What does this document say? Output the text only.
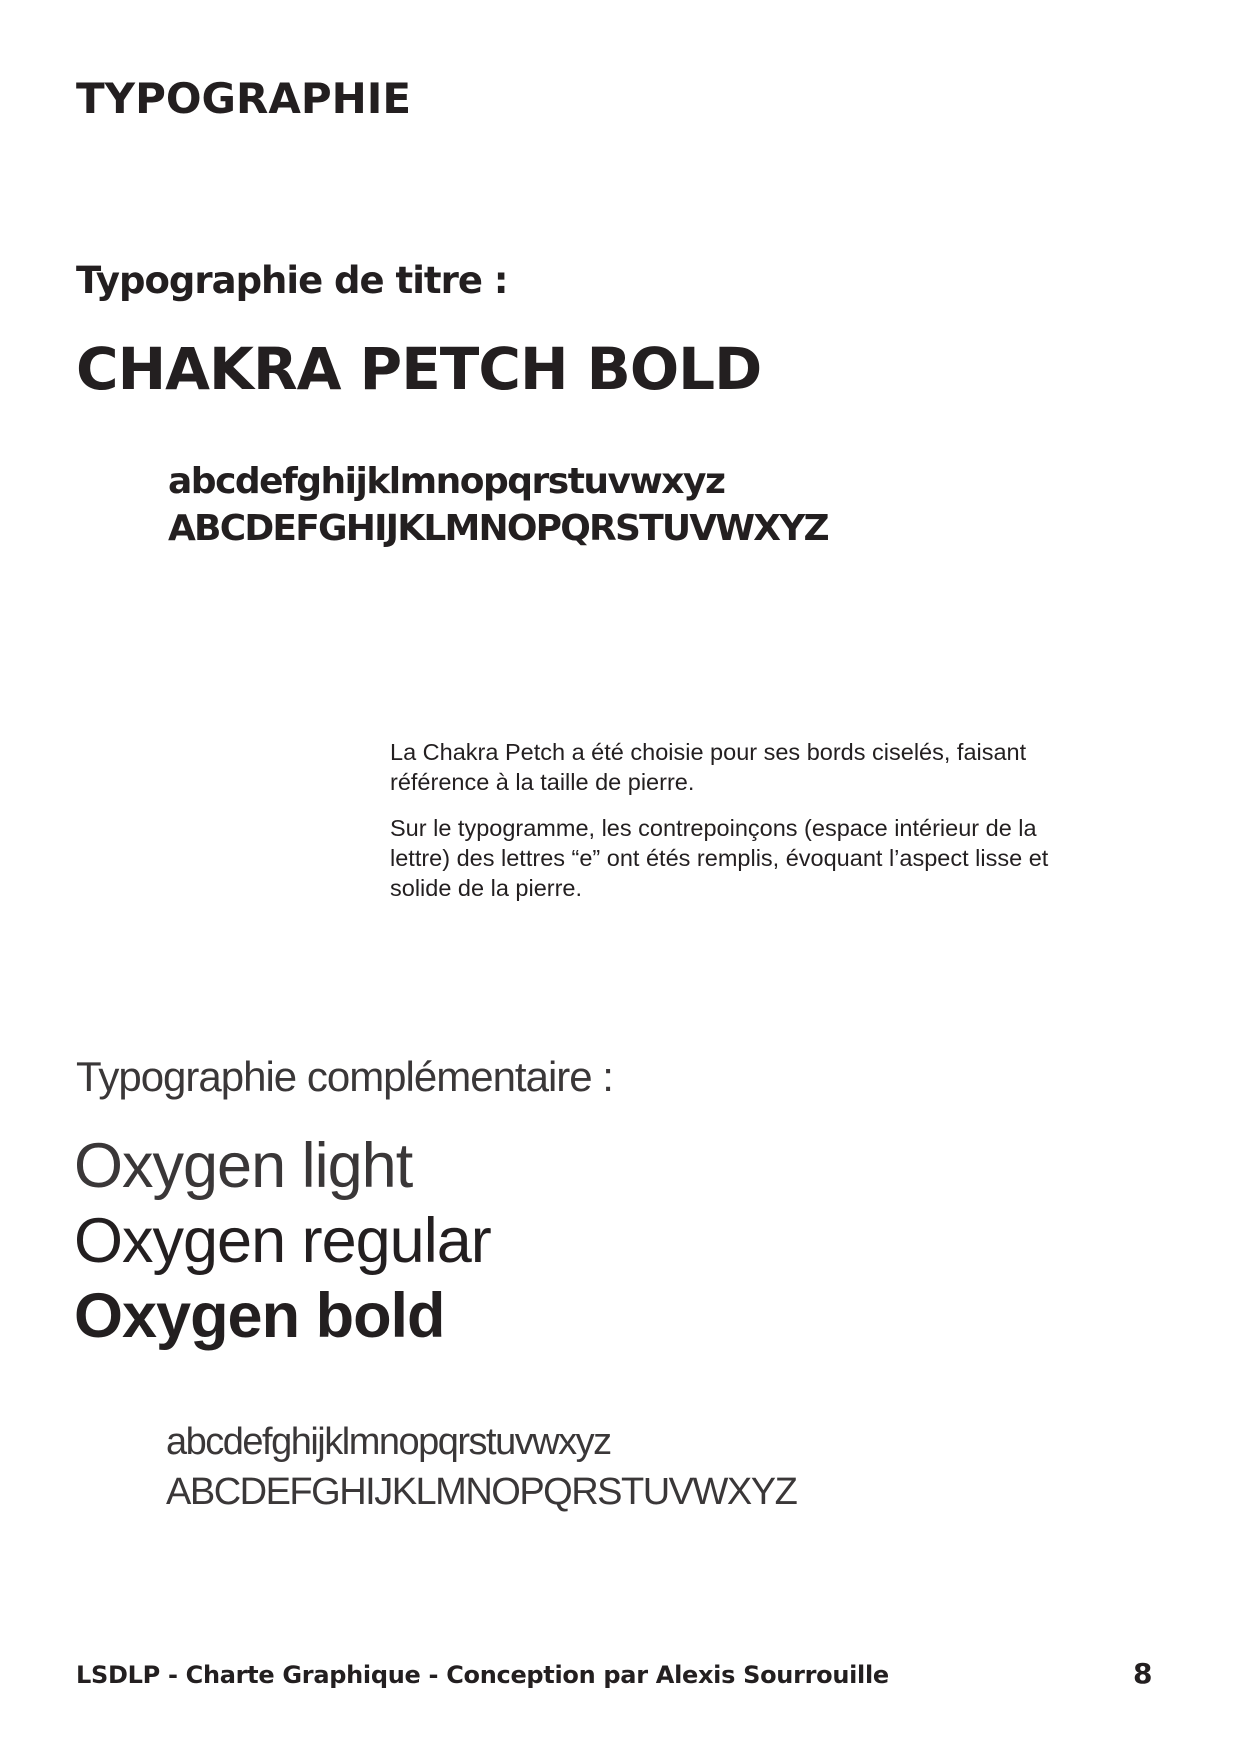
TYPOGRAPHIE
Typographie de titre :
CHAKRA PETCH BOLD
abcdefghijklmnopqrstuvwxyz
ABCDEFGHIJKLMNOPQRSTUVWXYZ

La Chakra Petch a été choisie pour ses bords ciselés, faisant référence à la taille de pierre.

Sur le typogramme, les contrepoinçons (espace intérieur de la lettre) des lettres “e” ont étés remplis, évoquant l’aspect lisse et solide de la pierre.

Typographie complémentaire :
Oxygen light
Oxygen regular
Oxygen bold
abcdefghijklmnopqrstuvwxyz
ABCDEFGHIJKLMNOPQRSTUVWXYZ
LSDLP - Charte Graphique - Conception par Alexis Sourrouille	8
